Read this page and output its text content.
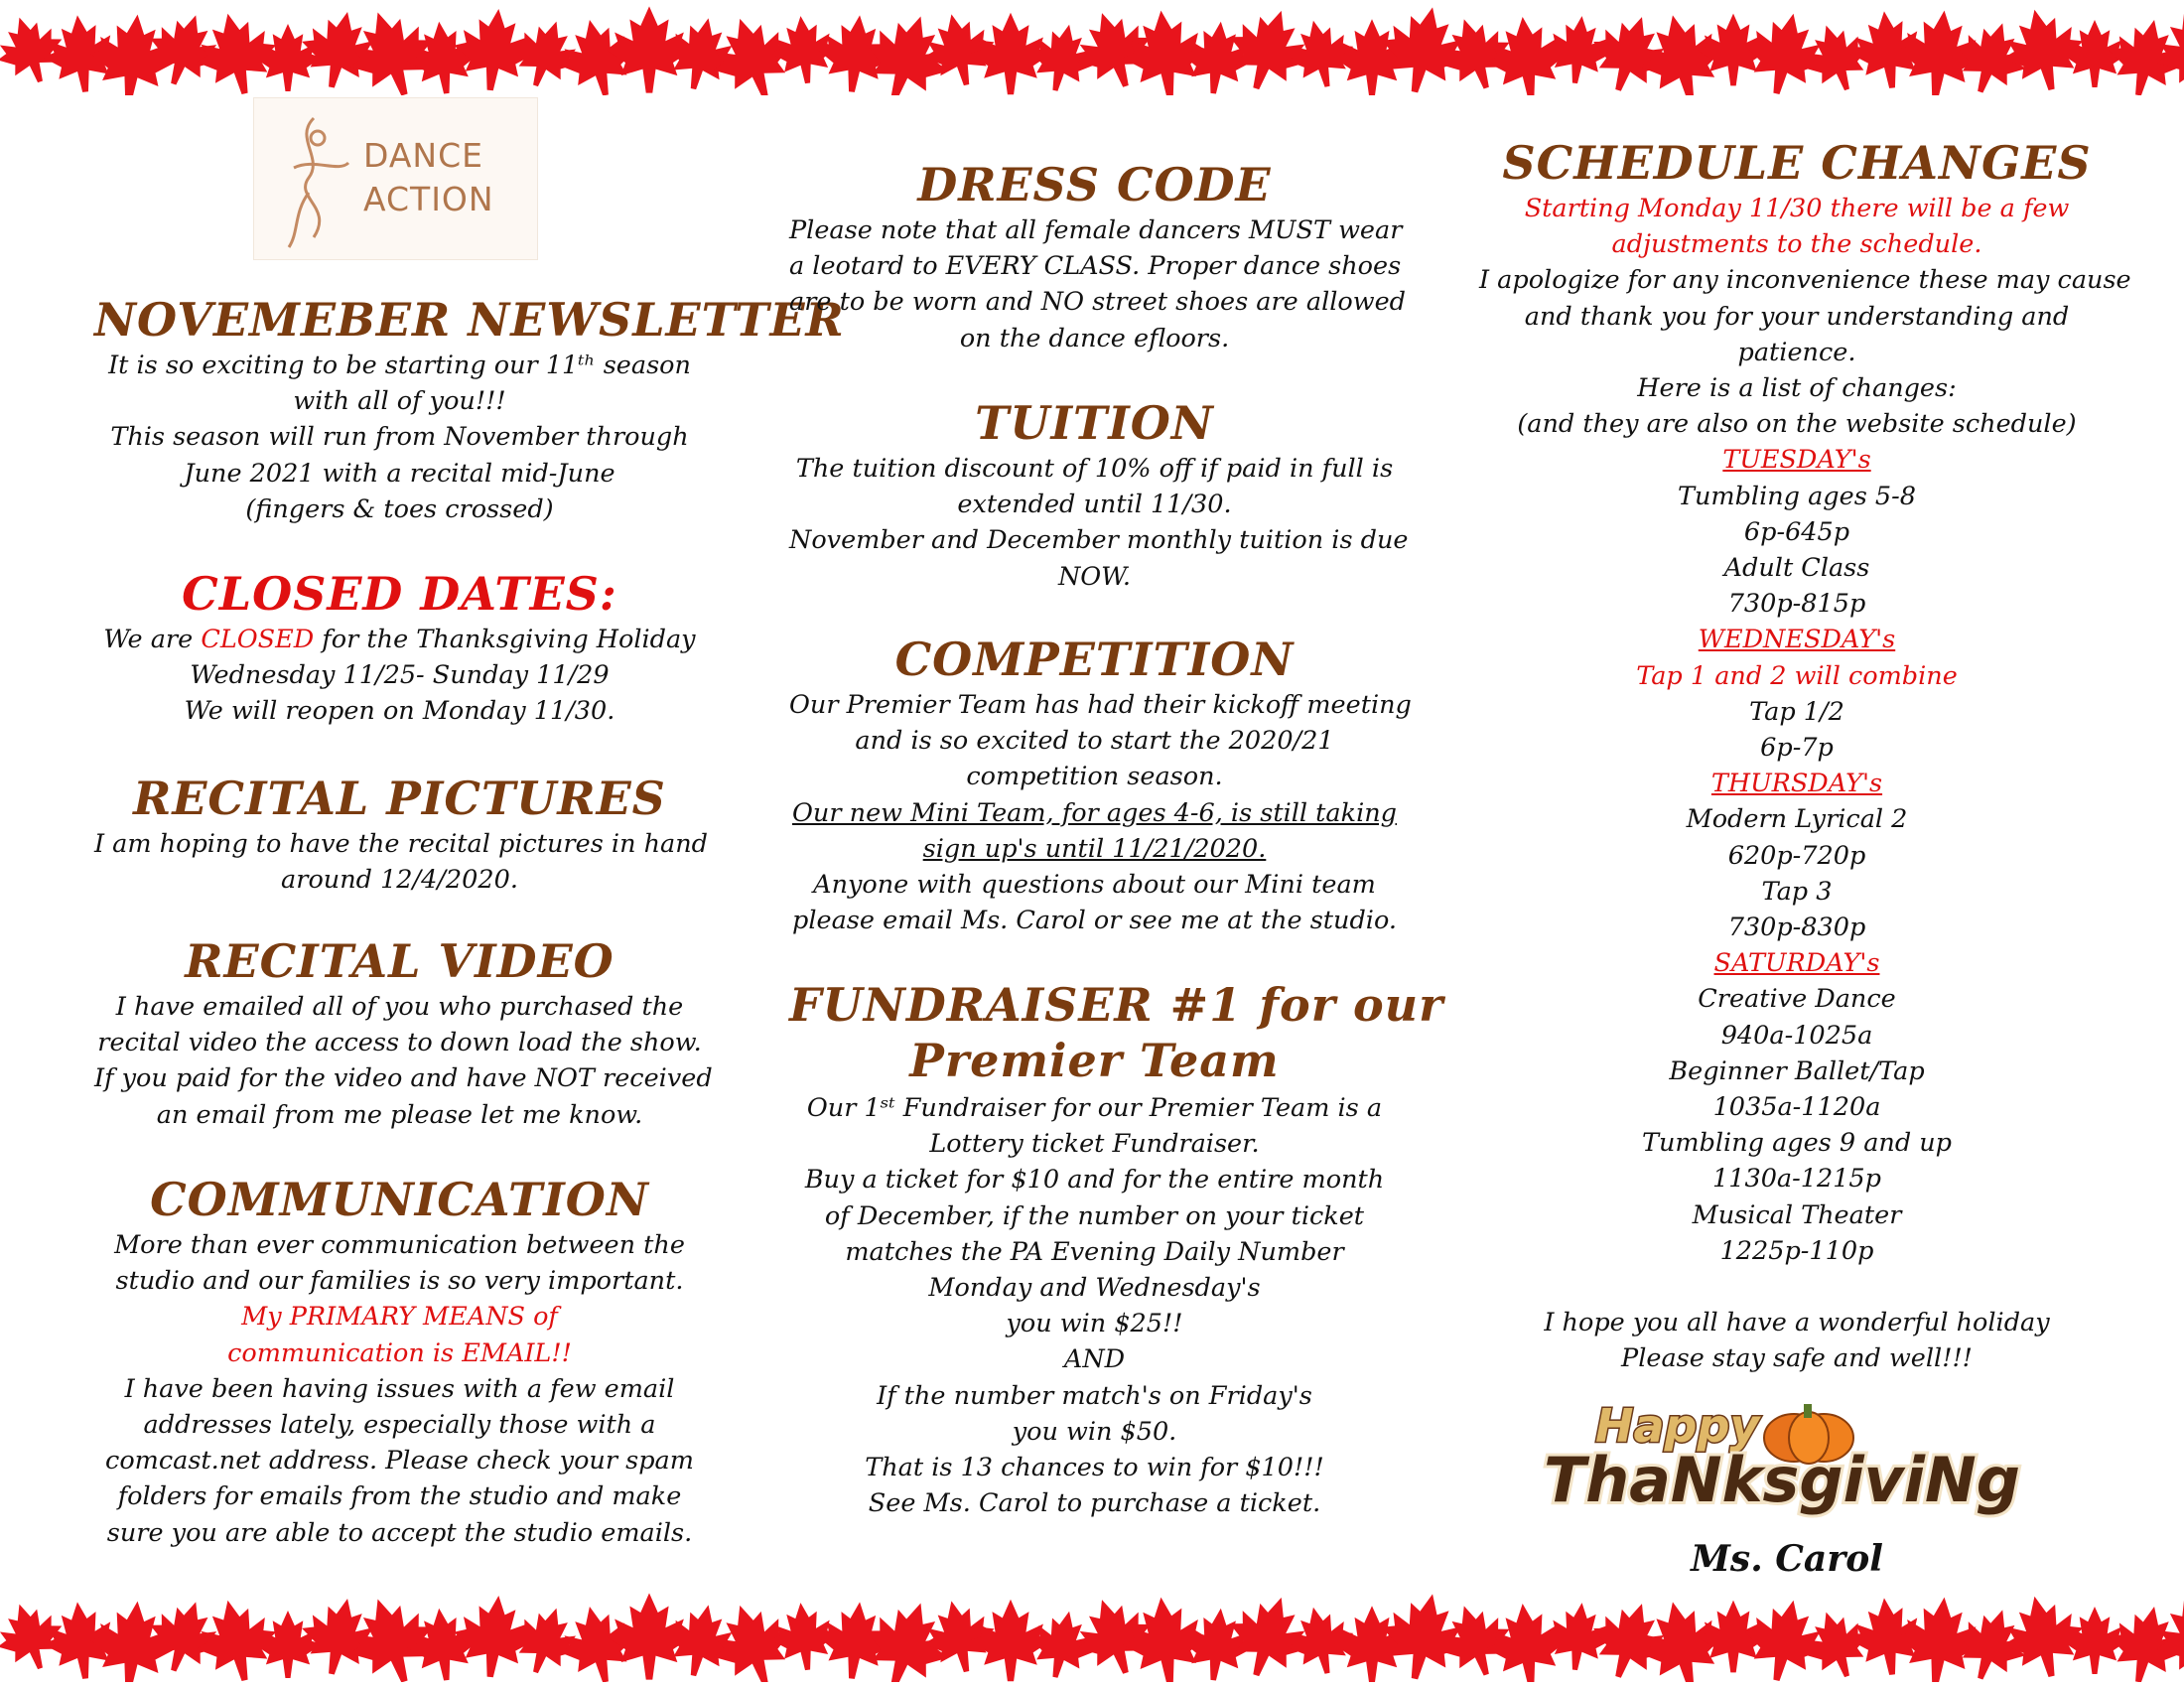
DANCE
ACTION
NOVEMEBER NEWSLETTER
It is so exciting to be starting our 11ᵗʰ season
with all of you!!!
This season will run from November through
June 2021 with a recital mid-June
(fingers & toes crossed)
CLOSED DATES:
We are CLOSED for the Thanksgiving Holiday
Wednesday 11/25- Sunday 11/29
We will reopen on Monday 11/30.
RECITAL PICTURES
I am hoping to have the recital pictures in hand
around 12/4/2020.
RECITAL VIDEO
I have emailed all of you who purchased the
recital video the access to down load the show.
If you paid for the video and have NOT received
an email from me please let me know.
COMMUNICATION
More than ever communication between the
studio and our families is so very important.
My PRIMARY MEANS of
communication is EMAIL!!
I have been having issues with a few email
addresses lately, especially those with a
comcast.net address. Please check your spam
folders for emails from the studio and make
sure you are able to accept the studio emails.
DRESS CODE
Please note that all female dancers MUST wear
a leotard to EVERY CLASS. Proper dance shoes
are to be worn and NO street shoes are allowed
on the dance efloors.
TUITION
The tuition discount of 10% off if paid in full is
extended until 11/30.
November and December monthly tuition is due
NOW.
COMPETITION
Our Premier Team has had their kickoff meeting
and is so excited to start the 2020/21
competition season.
Our new Mini Team, for ages 4-6, is still taking
sign up's until 11/21/2020.
Anyone with questions about our Mini team
please email Ms. Carol or see me at the studio.
FUNDRAISER #1 for our
Premier Team
Our 1ˢᵗ Fundraiser for our Premier Team is a
Lottery ticket Fundraiser.
Buy a ticket for $10 and for the entire month
of December, if the number on your ticket
matches the PA Evening Daily Number
Monday and Wednesday's
you win $25!!
AND
If the number match's on Friday's
you win $50.
That is 13 chances to win for $10!!!
See Ms. Carol to purchase a ticket.
SCHEDULE CHANGES
Starting Monday 11/30 there will be a few
adjustments to the schedule.
I apologize for any inconvenience these may cause
and thank you for your understanding and
patience.
Here is a list of changes:
(and they are also on the website schedule)
TUESDAY's
Tumbling ages 5-8
6p-645p
Adult Class
730p-815p
WEDNESDAY's
Tap 1 and 2 will combine
Tap 1/2
6p-7p
THURSDAY's
Modern Lyrical 2
620p-720p
Tap 3
730p-830p
SATURDAY's
Creative Dance
940a-1025a
Beginner Ballet/Tap
1035a-1120a
Tumbling ages 9 and up
1130a-1215p
Musical Theater
1225p-110p
I hope you all have a wonderful holiday
Please stay safe and well!!!
Happy
ThaNksgiviNg
Ms. Carol
